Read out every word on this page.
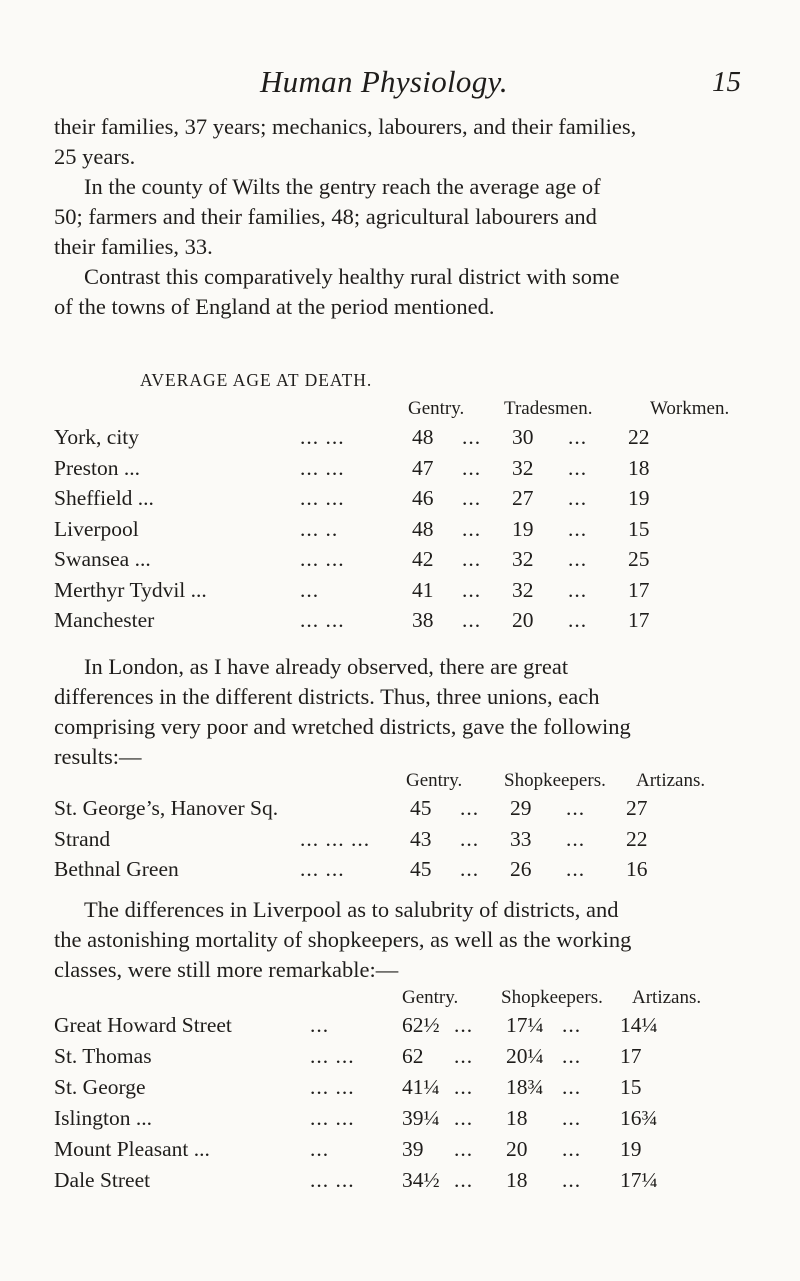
Human Physiology.	15
their families, 37 years; mechanics, labourers, and their families,
25 years.
In the county of Wilts the gentry reach the average age of
50; farmers and their families, 48; agricultural labourers and
their families, 33.
Contrast this comparatively healthy rural district with some
of the towns of England at the period mentioned.
AVERAGE AGE AT DEATH.
Gentry. Tradesmen.	Workmen.
York, city	... ...	48 ... 30 ... 22
Preston ...	... ...	47 ... 32 ... 18
Sheffield ...	... ...	46 ... 27 ... 19
Liverpool	... ..	48 ... 19 ... 15
Swansea ...	... ...	42 ... 32 ... 25
Merthyr Tydvil ...	...	41 ... 32 ... 17
Manchester	... ...	38 ... 20 ... 17
In London, as I have already observed, there are great
differences in the different districts. Thus, three unions, each
comprising very poor and wretched districts, gave the following
results:—
Gentry. Shopkeepers. Artizans.
St. George’s, Hanover Sq.	45 ... 29 ... 27
Strand	... ... ... 43 ... 33 ... 22
Bethnal Green	... ...	45 ... 26 ... 16
The differences in Liverpool as to salubrity of districts, and
the astonishing mortality of shopkeepers, as well as the working
classes, were still more remarkable:—
Gentry. Shopkeepers. Artizans.
Great Howard Street	...	62½ ... 17¼ ... 14¼
St. Thomas	... ... 62 ... 20¼ ... 17
St. George	... ... 41¼ ... 18¾ ... 15
Islington ...	... ... 39¼ ... 18 ... 16¾
Mount Pleasant ...	...	39 ... 20 ... 19
Dale Street	... ... 34½ ... 18 ... 17¼
